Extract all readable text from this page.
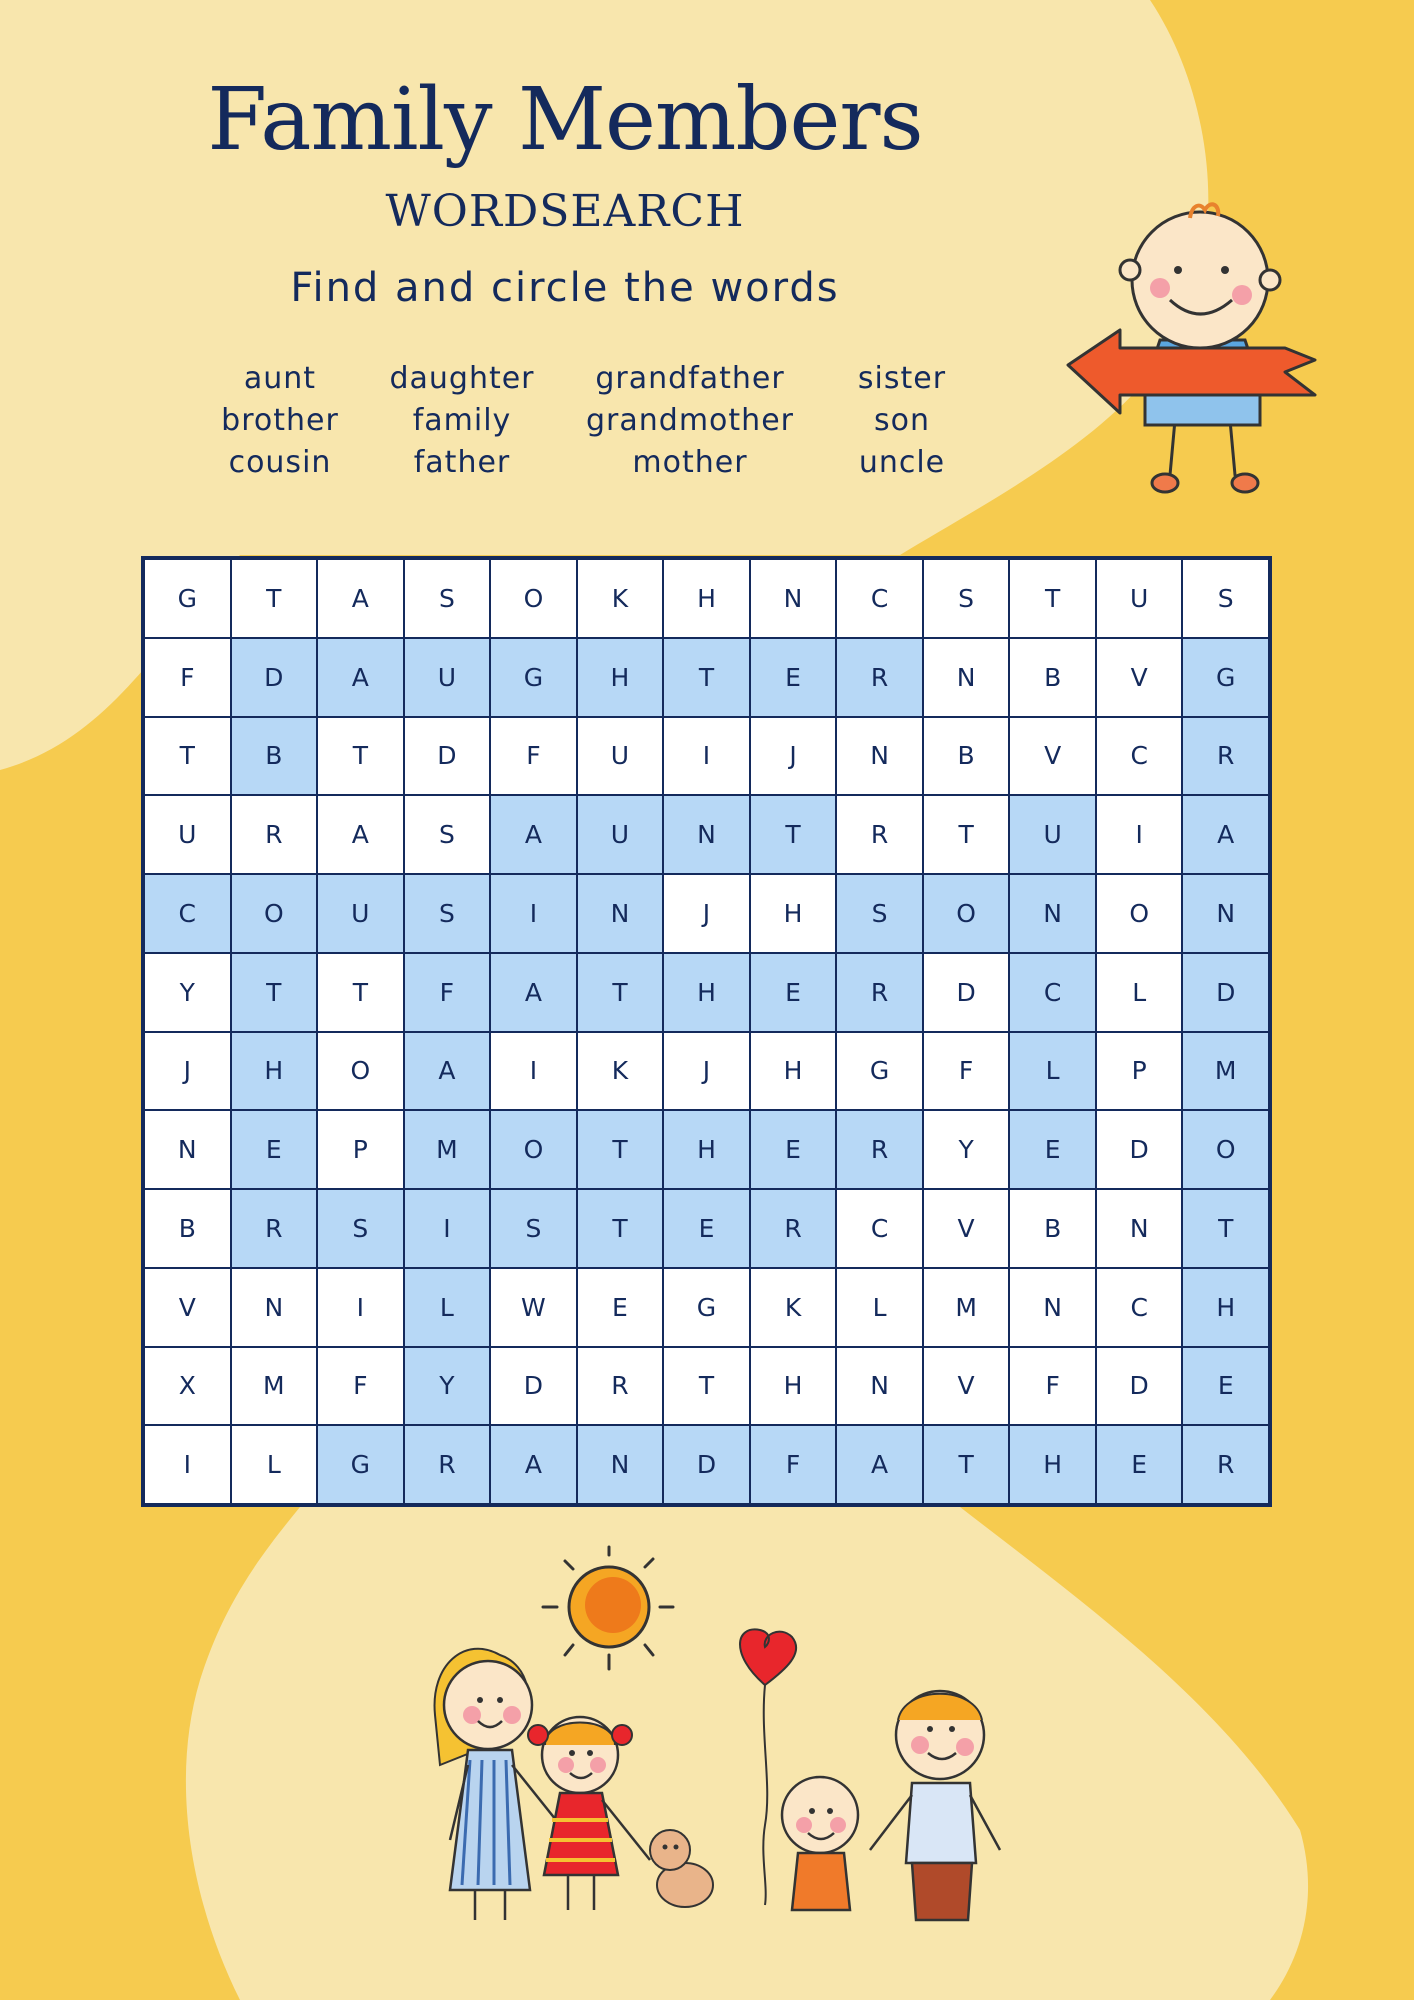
Family Members
WORDSEARCH
Find and circle the words
aunt
brother
cousin
daughter
family
father
grandfather
grandmother
mother
sister
son
uncle
G	T	A	S	O	K	H	N	C	S	T	U	S
F	D	A	U	G	H	T	E	R	N	B	V	G
T	B	T	D	F	U	I	J	N	B	V	C	R
U	R	A	S	A	U	N	T	R	T	U	I	A
C	O	U	S	I	N	J	H	S	O	N	O	N
Y	T	T	F	A	T	H	E	R	D	C	L	D
J	H	O	A	I	K	J	H	G	F	L	P	M
N	E	P	M	O	T	H	E	R	Y	E	D	O
B	R	S	I	S	T	E	R	C	V	B	N	T
V	N	I	L	W	E	G	K	L	M	N	C	H
X	M	F	Y	D	R	T	H	N	V	F	D	E
I	L	G	R	A	N	D	F	A	T	H	E	R
